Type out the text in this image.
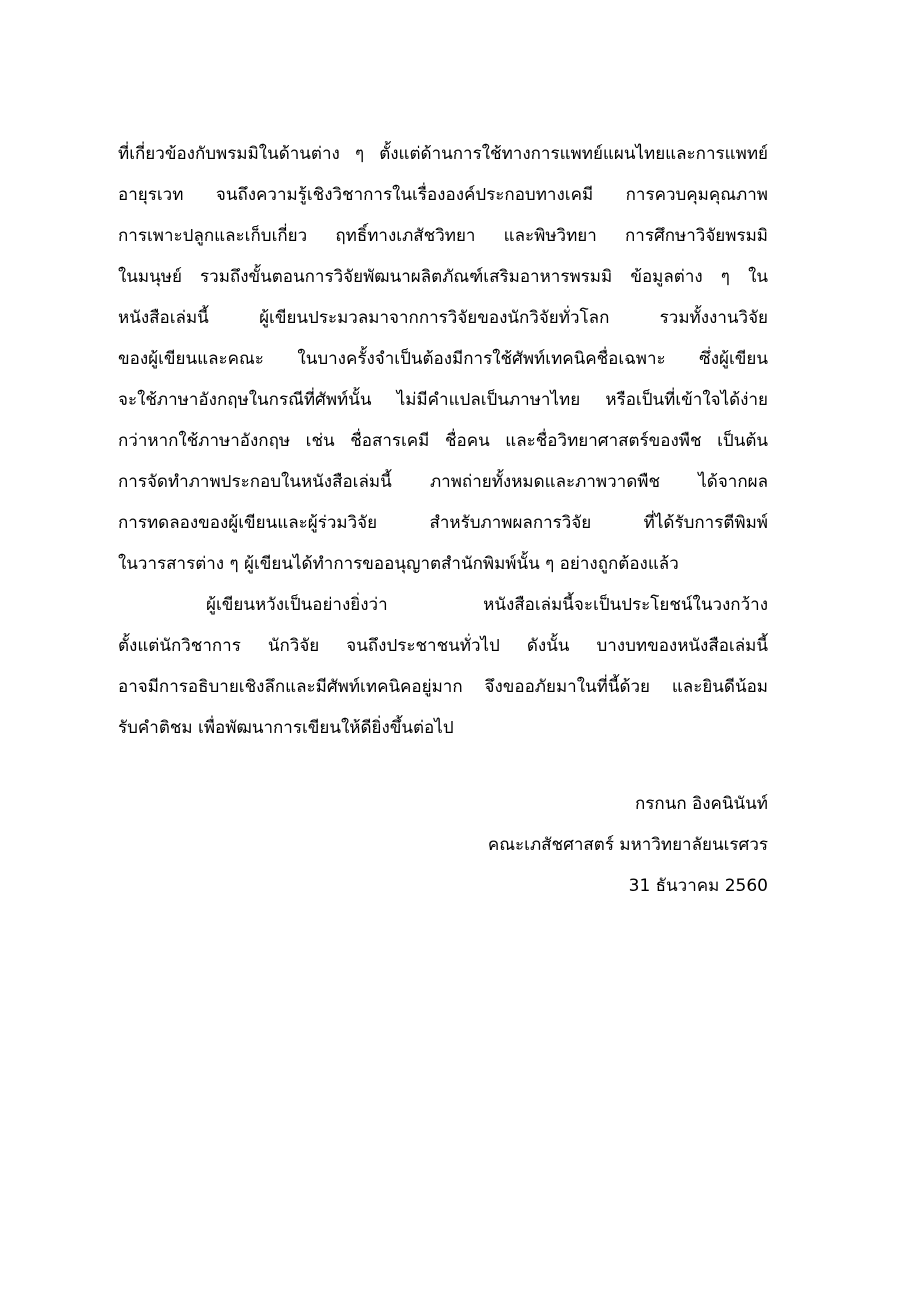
ที่เกี่ยวข้องกับพรมมิในด้านต่าง ๆ ตั้งแต่ด้านการใช้ทางการแพทย์แผนไทยและการแพทย์
อายุรเวท จนถึงความรู้เชิงวิชาการในเรื่ององค์ประกอบทางเคมี การควบคุมคุณภาพ
การเพาะปลูกและเก็บเกี่ยว ฤทธิ์ทางเภสัชวิทยา และพิษวิทยา การศึกษาวิจัยพรมมิ
ในมนุษย์ รวมถึงขั้นตอนการวิจัยพัฒนาผลิตภัณฑ์เสริมอาหารพรมมิ ข้อมูลต่าง ๆ ใน
หนังสือเล่มนี้ ผู้เขียนประมวลมาจากการวิจัยของนักวิจัยทั่วโลก รวมทั้งงานวิจัย
ของผู้เขียนและคณะ ในบางครั้งจำเป็นต้องมีการใช้ศัพท์เทคนิคชื่อเฉพาะ ซึ่งผู้เขียน
จะใช้ภาษาอังกฤษในกรณีที่ศัพท์นั้น ไม่มีคำแปลเป็นภาษาไทย หรือเป็นที่เข้าใจได้ง่าย
กว่าหากใช้ภาษาอังกฤษ เช่น ชื่อสารเคมี ชื่อคน และชื่อวิทยาศาสตร์ของพืช เป็นต้น
การจัดทำภาพประกอบในหนังสือเล่มนี้ ภาพถ่ายทั้งหมดและภาพวาดพืช ได้จากผล
การทดลองของผู้เขียนและผู้ร่วมวิจัย สำหรับภาพผลการวิจัย ที่ได้รับการตีพิมพ์
ในวารสารต่าง ๆ ผู้เขียนได้ทำการขออนุญาตสำนักพิมพ์นั้น ๆ อย่างถูกต้องแล้ว
ผู้เขียนหวังเป็นอย่างยิ่งว่า หนังสือเล่มนี้จะเป็นประโยชน์ในวงกว้าง
ตั้งแต่นักวิชาการ นักวิจัย จนถึงประชาชนทั่วไป ดังนั้น บางบทของหนังสือเล่มนี้
อาจมีการอธิบายเชิงลึกและมีศัพท์เทคนิคอยู่มาก จึงขออภัยมาในที่นี้ด้วย และยินดีน้อม
รับคำติชม เพื่อพัฒนาการเขียนให้ดียิ่งขึ้นต่อไป
กรกนก อิงคนินันท์
คณะเภสัชศาสตร์ มหาวิทยาลัยนเรศวร
31 ธันวาคม 2560
